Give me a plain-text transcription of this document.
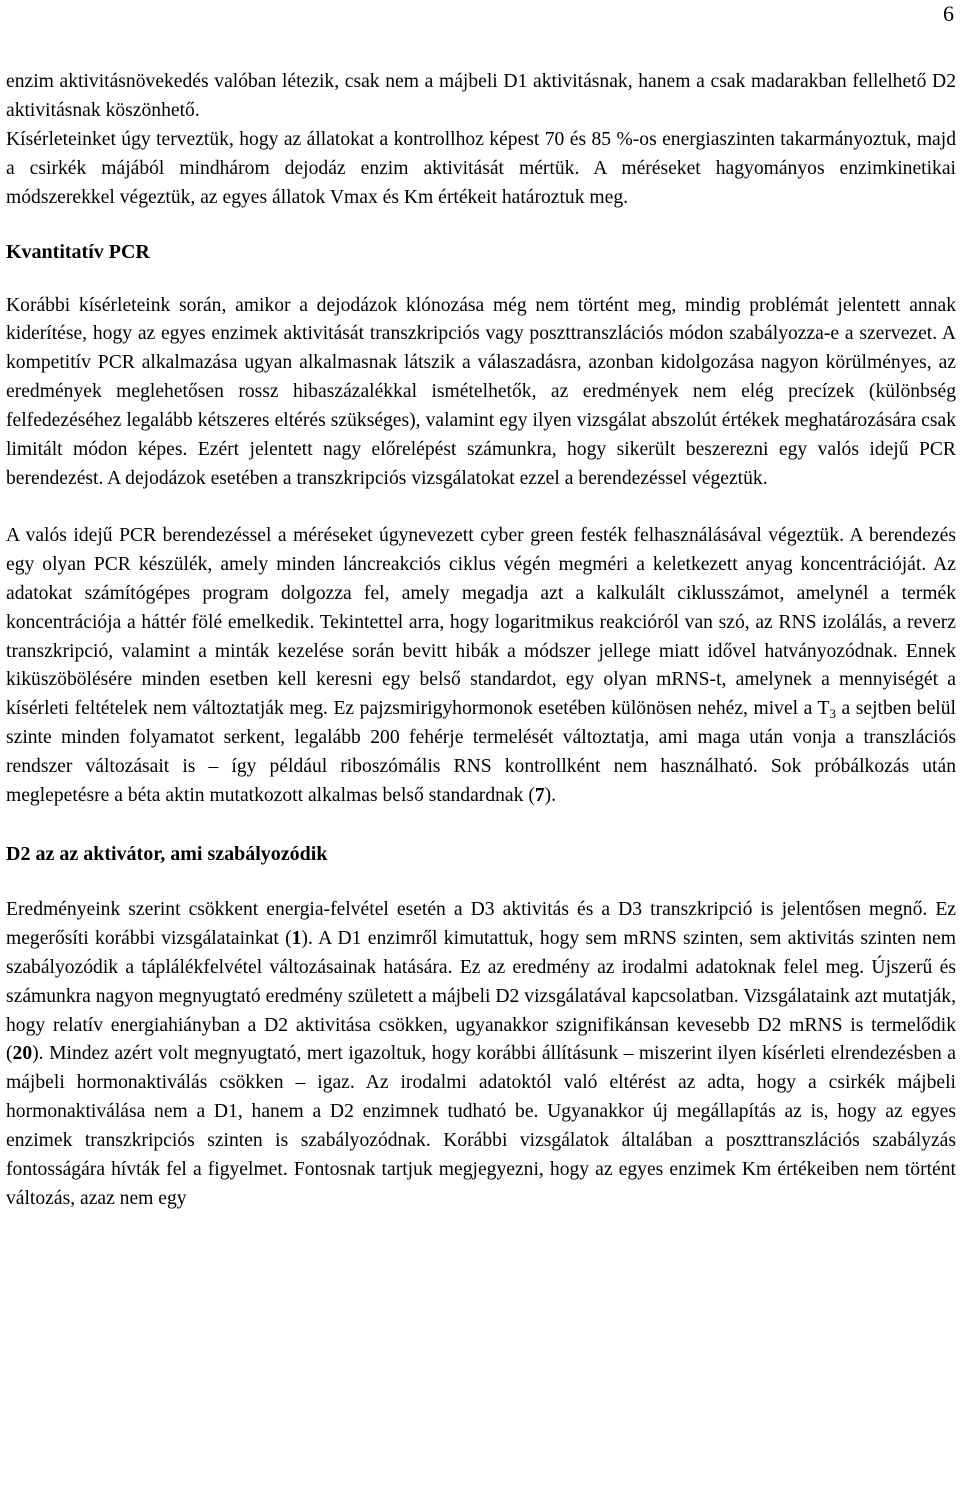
6

enzim aktivitásnövekedés valóban létezik, csak nem a májbeli D1 aktivitásnak, hanem a csak madarakban fellelhető D2 aktivitásnak köszönhető.

Kísérleteinket úgy terveztük, hogy az állatokat a kontrollhoz képest 70 és 85 %-os energiaszinten takarmányoztuk, majd a csirkék májából mindhárom dejodáz enzim aktivitását mértük. A méréseket hagyományos enzimkinetikai módszerekkel végeztük, az egyes állatok Vmax és Km értékeit határoztuk meg.

Kvantitatív PCR

Korábbi kísérleteink során, amikor a dejodázok klónozása még nem történt meg, mindig problémát jelentett annak kiderítése, hogy az egyes enzimek aktivitását transzkripciós vagy poszttranszlációs módon szabályozza-e a szervezet. A kompetitív PCR alkalmazása ugyan alkalmasnak látszik a válaszadásra, azonban kidolgozása nagyon körülményes, az eredmények meglehetősen rossz hibaszázalékkal ismételhetők, az eredmények nem elég precízek (különbség felfedezéséhez legalább kétszeres eltérés szükséges), valamint egy ilyen vizsgálat abszolút értékek meghatározására csak limitált módon képes. Ezért jelentett nagy előrelépést számunkra, hogy sikerült beszerezni egy valós idejű PCR berendezést. A dejodázok esetében a transzkripciós vizsgálatokat ezzel a berendezéssel végeztük.

A valós idejű PCR berendezéssel a méréseket úgynevezett cyber green festék felhasználásával végeztük. A berendezés egy olyan PCR készülék, amely minden láncreakciós ciklus végén megméri a keletkezett anyag koncentrációját. Az adatokat számítógépes program dolgozza fel, amely megadja azt a kalkulált ciklusszámot, amelynél a termék koncentrációja a háttér fölé emelkedik. Tekintettel arra, hogy logaritmikus reakcióról van szó, az RNS izolálás, a reverz transzkripció, valamint a minták kezelése során bevitt hibák a módszer jellege miatt idővel hatványozódnak. Ennek kiküszöbölésére minden esetben kell keresni egy belső standardot, egy olyan mRNS-t, amelynek a mennyiségét a kísérleti feltételek nem változtatják meg. Ez pajzsmirigyhormonok esetében különösen nehéz, mivel a $T_3$ a sejtben belül szinte minden folyamatot serkent, legalább 200 fehérje termelését változtatja, ami maga után vonja a transzlációs rendszer változásait is – így például riboszómális RNS kontrollként nem használható. Sok próbálkozás után meglepetésre a béta aktin mutatkozott alkalmas belső standardnak (7).

D2 az az aktivátor, ami szabályozódik

Eredményeink szerint csökkent energia-felvétel esetén a D3 aktivitás és a D3 transzkripció is jelentősen megnő. Ez megerősíti korábbi vizsgálatainkat (1). A D1 enzimről kimutattuk, hogy sem mRNS szinten, sem aktivitás szinten nem szabályozódik a táplálékfelvétel változásainak hatására. Ez az eredmény az irodalmi adatoknak felel meg. Újszerű és számunkra nagyon megnyugtató eredmény született a májbeli D2 vizsgálatával kapcsolatban. Vizsgálataink azt mutatják, hogy relatív energiahiányban a D2 aktivitása csökken, ugyanakkor szignifikánsan kevesebb D2 mRNS is termelődik (20). Mindez azért volt megnyugtató, mert igazoltuk, hogy korábbi állításunk – miszerint ilyen kísérleti elrendezésben a májbeli hormonaktiválás csökken – igaz. Az irodalmi adatoktól való eltérést az adta, hogy a csirkék májbeli hormonaktiválása nem a D1, hanem a D2 enzimnek tudható be. Ugyanakkor új megállapítás az is, hogy az egyes enzimek transzkripciós szinten is szabályozódnak. Korábbi vizsgálatok általában a poszttranszlációs szabályzás fontosságára hívták fel a figyelmet. Fontosnak tartjuk megjegyezni, hogy az egyes enzimek Km értékeiben nem történt változás, azaz nem egy
